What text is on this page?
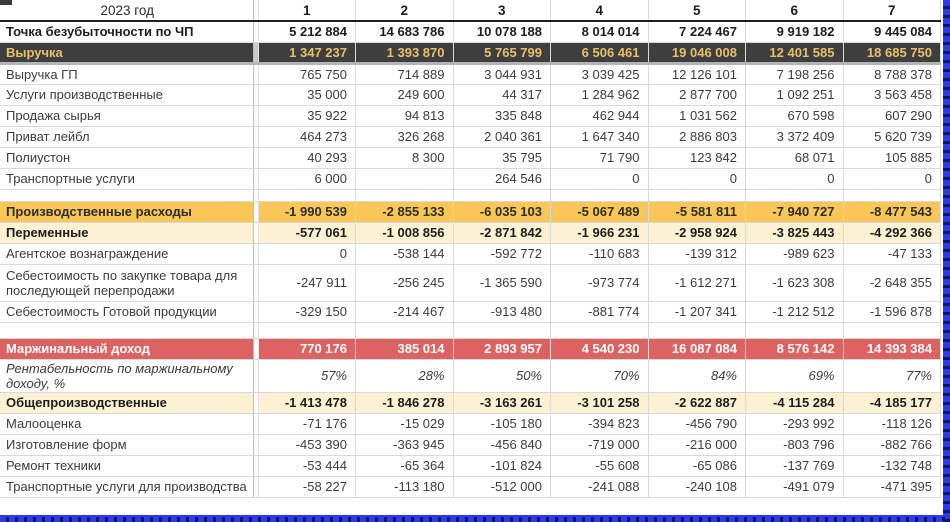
2023 год		1	2	3	4	5	6	7
Точка безубыточности по ЧП		5 212 884	14 683 786	10 078 188	8 014 014	7 224 467	9 919 182	9 445 084
Выручка		1 347 237	1 393 870	5 765 799	6 506 461	19 046 008	12 401 585	18 685 750
Выручка ГП		765 750	714 889	3 044 931	3 039 425	12 126 101	7 198 256	8 788 378
Услуги производственные		35 000	249 600	44 317	1 284 962	2 877 700	1 092 251	3 563 458
Продажа сырья		35 922	94 813	335 848	462 944	1 031 562	670 598	607 290
Приват лейбл		464 273	326 268	2 040 361	1 647 340	2 886 803	3 372 409	5 620 739
Полиустон		40 293	8 300	35 795	71 790	123 842	68 071	105 885
Транспортные услуги		6 000		264 546	0	0	0	0

Производственные расходы		-1 990 539	-2 855 133	-6 035 103	-5 067 489	-5 581 811	-7 940 727	-8 477 543
Переменные		-577 061	-1 008 856	-2 871 842	-1 966 231	-2 958 924	-3 825 443	-4 292 366
Агентское вознаграждение		0	-538 144	-592 772	-110 683	-139 312	-989 623	-47 133
Себестоимость по закупке товара для последующей перепродажи		-247 911	-256 245	-1 365 590	-973 774	-1 612 271	-1 623 308	-2 648 355
Себестоимость Готовой продукции		-329 150	-214 467	-913 480	-881 774	-1 207 341	-1 212 512	-1 596 878

Маржинальный доход		770 176	385 014	2 893 957	4 540 230	16 087 084	8 576 142	14 393 384
Рентабельность по маржинальному доходу, %		57%	28%	50%	70%	84%	69%	77%
Общепроизводственные		-1 413 478	-1 846 278	-3 163 261	-3 101 258	-2 622 887	-4 115 284	-4 185 177
Малооценка		-71 176	-15 029	-105 180	-394 823	-456 790	-293 992	-118 126
Изготовление форм		-453 390	-363 945	-456 840	-719 000	-216 000	-803 796	-882 766
Ремонт техники		-53 444	-65 364	-101 824	-55 608	-65 086	-137 769	-132 748
Транспортные услуги для производства		-58 227	-113 180	-512 000	-241 088	-240 108	-491 079	-471 395
